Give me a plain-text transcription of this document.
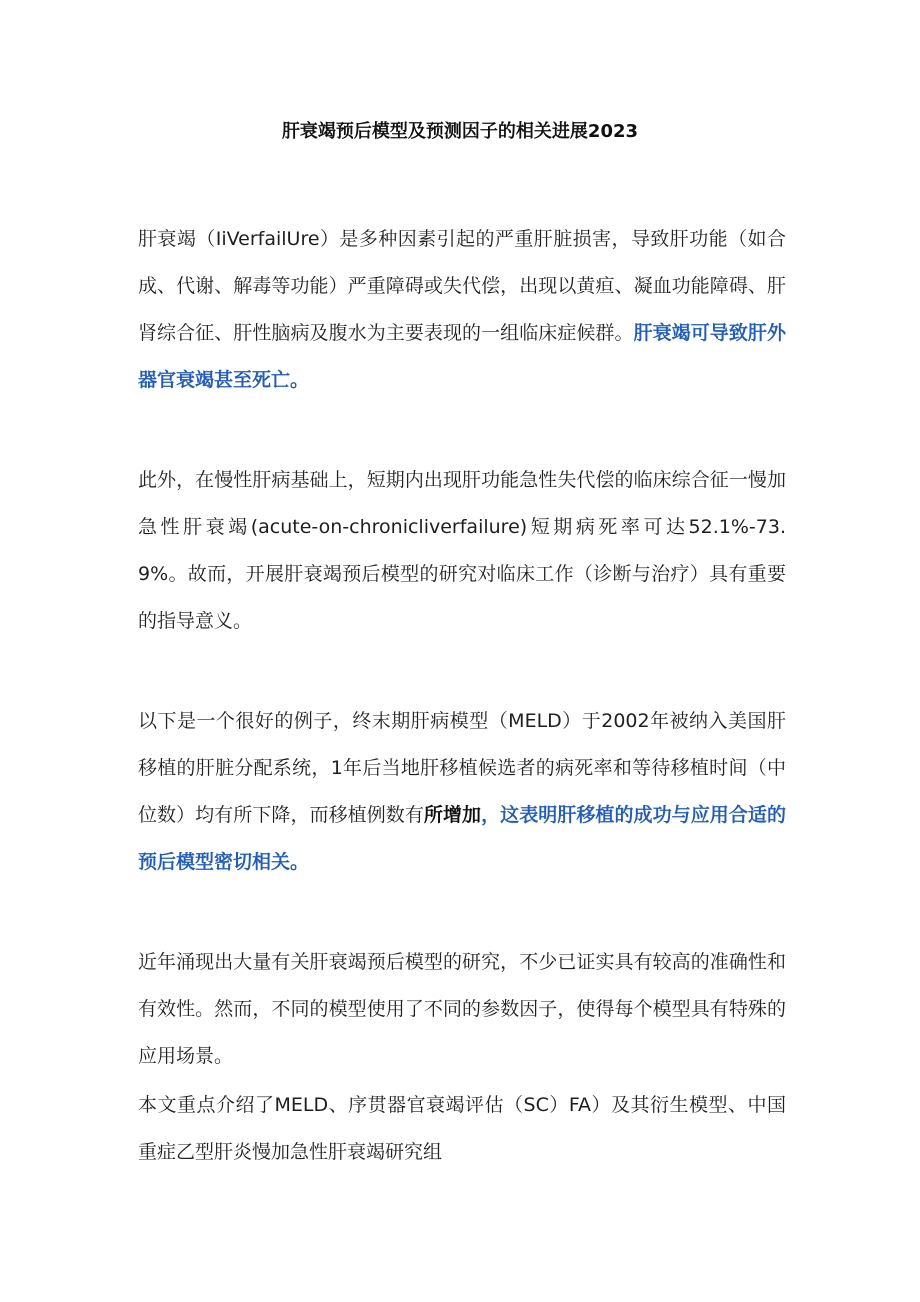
肝衰竭预后模型及预测因子的相关进展2023

肝衰竭（IiVerfailUre）是多种因素引起的严重肝脏损害，导致肝功能（如合成、代谢、解毒等功能）严重障碍或失代偿，出现以黄疸、凝血功能障碍、肝肾综合征、肝性脑病及腹水为主要表现的一组临床症候群。肝衰竭可导致肝外器官衰竭甚至死亡。

此外，在慢性肝病基础上，短期内出现肝功能急性失代偿的临床综合征一慢加急性肝衰竭(acute-on-chronicliverfailure)短期病死率可达52.1%-73.9%。故而，开展肝衰竭预后模型的研究对临床工作（诊断与治疗）具有重要的指导意义。

以下是一个很好的例子，终末期肝病模型（MELD）于2002年被纳入美国肝移植的肝脏分配系统，1年后当地肝移植候选者的病死率和等待移植时间（中位数）均有所下降，而移植例数有所增加，这表明肝移植的成功与应用合适的预后模型密切相关。

近年涌现出大量有关肝衰竭预后模型的研究，不少已证实具有较高的准确性和有效性。然而，不同的模型使用了不同的参数因子，使得每个模型具有特殊的应用场景。

本文重点介绍了MELD、序贯器官衰竭评估（SC）FA）及其衍生模型、中国重症乙型肝炎慢加急性肝衰竭研究组
